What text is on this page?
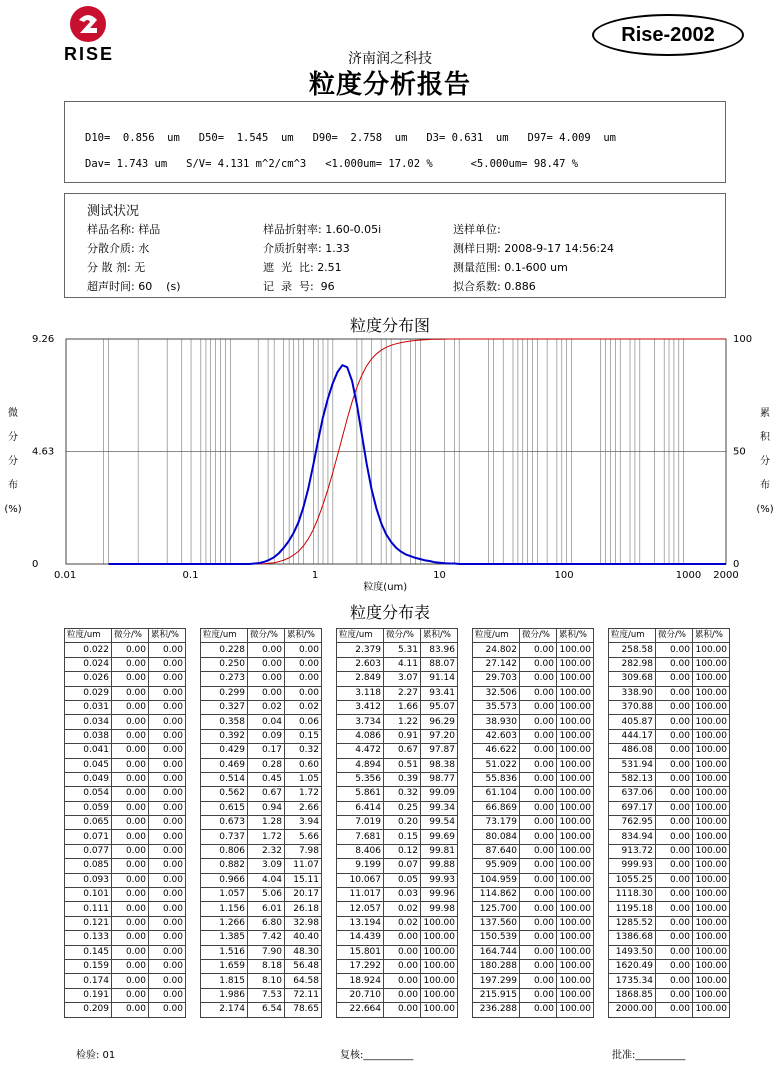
RISE
Rise-2002
济南润之科技
粒度分析报告
D10=  0.856  um   D50=  1.545  um   D90=  2.758  um   D3= 0.631  um   D97= 4.009  um
Dav= 1.743 um   S/V= 4.131 m^2/cm^3   <1.000um= 17.02 %      <5.000um= 98.47 %
测试状况
样品名称: 样品	样品折射率: 1.60-0.05i	送样单位:
分散介质: 水	介质折射率: 1.33	测样日期: 2008-9-17 14:56:24
分 散 剂: 无	遮  光  比: 2.51	测量范围: 0.1-600 um
超声时间: 60    (s)	记  录  号:  96	拟合系数: 0.886
粒度分布图
0.01	0.1	1	10	100	1000 2000
9.26
4.63
0
100
50
0
粒度(um)
微
分
分
布
(%)
累
积
分
布
(%)
粒度分布表
粒度/um	微分/%	累积/%
0.022	0.00	0.00
0.024	0.00	0.00
0.026	0.00	0.00
0.029	0.00	0.00
0.031	0.00	0.00
0.034	0.00	0.00
0.038	0.00	0.00
0.041	0.00	0.00
0.045	0.00	0.00
0.049	0.00	0.00
0.054	0.00	0.00
0.059	0.00	0.00
0.065	0.00	0.00
0.071	0.00	0.00
0.077	0.00	0.00
0.085	0.00	0.00
0.093	0.00	0.00
0.101	0.00	0.00
0.111	0.00	0.00
0.121	0.00	0.00
0.133	0.00	0.00
0.145	0.00	0.00
0.159	0.00	0.00
0.174	0.00	0.00
0.191	0.00	0.00
0.209	0.00	0.00
粒度/um	微分/%	累积/%
0.228	0.00	0.00
0.250	0.00	0.00
0.273	0.00	0.00
0.299	0.00	0.00
0.327	0.02	0.02
0.358	0.04	0.06
0.392	0.09	0.15
0.429	0.17	0.32
0.469	0.28	0.60
0.514	0.45	1.05
0.562	0.67	1.72
0.615	0.94	2.66
0.673	1.28	3.94
0.737	1.72	5.66
0.806	2.32	7.98
0.882	3.09	11.07
0.966	4.04	15.11
1.057	5.06	20.17
1.156	6.01	26.18
1.266	6.80	32.98
1.385	7.42	40.40
1.516	7.90	48.30
1.659	8.18	56.48
1.815	8.10	64.58
1.986	7.53	72.11
2.174	6.54	78.65
粒度/um	微分/%	累积/%
2.379	5.31	83.96
2.603	4.11	88.07
2.849	3.07	91.14
3.118	2.27	93.41
3.412	1.66	95.07
3.734	1.22	96.29
4.086	0.91	97.20
4.472	0.67	97.87
4.894	0.51	98.38
5.356	0.39	98.77
5.861	0.32	99.09
6.414	0.25	99.34
7.019	0.20	99.54
7.681	0.15	99.69
8.406	0.12	99.81
9.199	0.07	99.88
10.067	0.05	99.93
11.017	0.03	99.96
12.057	0.02	99.98
13.194	0.02	100.00
14.439	0.00	100.00
15.801	0.00	100.00
17.292	0.00	100.00
18.924	0.00	100.00
20.710	0.00	100.00
22.664	0.00	100.00
粒度/um	微分/%	累积/%
24.802	0.00	100.00
27.142	0.00	100.00
29.703	0.00	100.00
32.506	0.00	100.00
35.573	0.00	100.00
38.930	0.00	100.00
42.603	0.00	100.00
46.622	0.00	100.00
51.022	0.00	100.00
55.836	0.00	100.00
61.104	0.00	100.00
66.869	0.00	100.00
73.179	0.00	100.00
80.084	0.00	100.00
87.640	0.00	100.00
95.909	0.00	100.00
104.959	0.00	100.00
114.862	0.00	100.00
125.700	0.00	100.00
137.560	0.00	100.00
150.539	0.00	100.00
164.744	0.00	100.00
180.288	0.00	100.00
197.299	0.00	100.00
215.915	0.00	100.00
236.288	0.00	100.00
粒度/um	微分/%	累积/%
258.58	0.00	100.00
282.98	0.00	100.00
309.68	0.00	100.00
338.90	0.00	100.00
370.88	0.00	100.00
405.87	0.00	100.00
444.17	0.00	100.00
486.08	0.00	100.00
531.94	0.00	100.00
582.13	0.00	100.00
637.06	0.00	100.00
697.17	0.00	100.00
762.95	0.00	100.00
834.94	0.00	100.00
913.72	0.00	100.00
999.93	0.00	100.00
1055.25	0.00	100.00
1118.30	0.00	100.00
1195.18	0.00	100.00
1285.52	0.00	100.00
1386.68	0.00	100.00
1493.50	0.00	100.00
1620.49	0.00	100.00
1735.34	0.00	100.00
1868.85	0.00	100.00
2000.00	0.00	100.00
检验: 01	复核:__________	批准:__________
